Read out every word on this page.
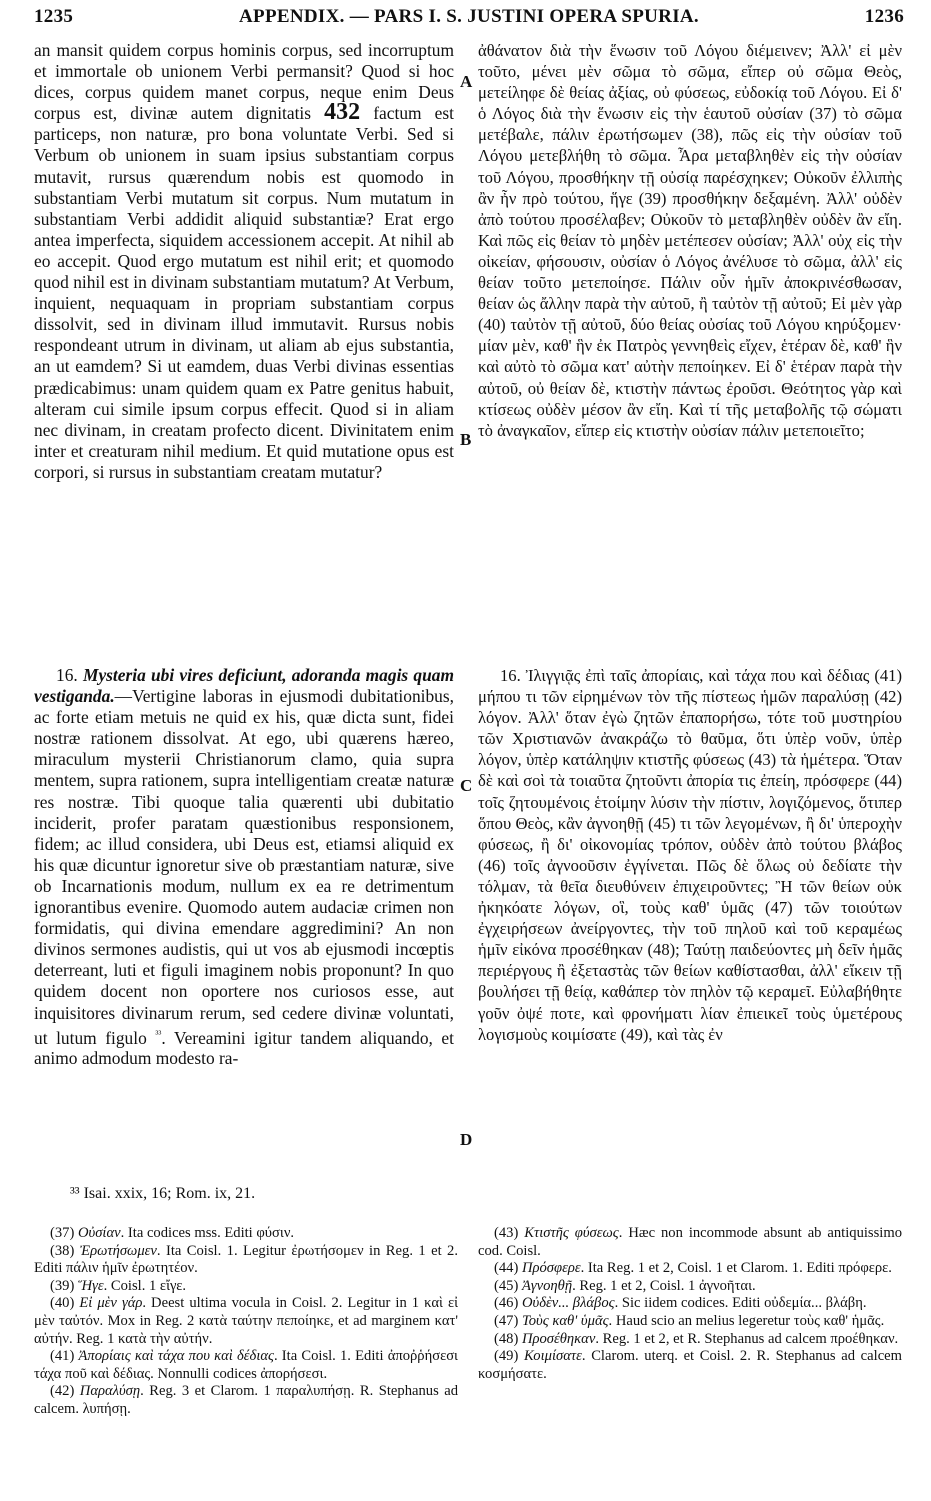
1235	APPENDIX. — PARS I. S. JUSTINI OPERA SPURIA.	1236

an mansit quidem corpus hominis corpus, sed incorruptum et immortale ob unionem Verbi permansit? Quod si hoc dices, corpus quidem manet corpus, neque enim Deus corpus est, divinæ autem dignitatis 432 factum est particeps, non naturæ, pro bona voluntate Verbi. Sed si Verbum ob unionem in suam ipsius substantiam corpus mutavit, rursus quærendum nobis est quomodo in substantiam Verbi mutatum sit corpus. Num mutatum in substantiam Verbi addidit aliquid substantiæ? Erat ergo antea imperfecta, siquidem accessionem accepit. At nihil ab eo accepit. Quod ergo mutatum est nihil erit; et quomodo quod nihil est in divinam substantiam mutatum? At Verbum, inquient, nequaquam in propriam substantiam corpus dissolvit, sed in divinam illud immutavit. Rursus nobis respondeant utrum in divinam, ut aliam ab ejus substantia, an ut eamdem? Si ut eamdem, duas Verbi divinas essentias prædicabimus: unam quidem quam ex Patre genitus habuit, alteram cui simile ipsum corpus effecit. Quod si in aliam nec divinam, in creatam profecto dicent. Divinitatem enim inter et creaturam nihil medium. Et quid mutatione opus est corpori, si rursus in substantiam creatam mutatur?

16. Mysteria ubi vires deficiunt, adoranda magis quam vestiganda.—Vertigine laboras in ejusmodi dubitationibus, ac forte etiam metuis ne quid ex his, quæ dicta sunt, fidei nostræ rationem dissolvat. At ego, ubi quærens hæreo, miraculum mysterii Christianorum clamo, quia supra mentem, supra rationem, supra intelligentiam creatæ naturæ res nostræ. Tibi quoque talia quærenti ubi dubitatio inciderit, profer paratam quæstionibus responsionem, fidem; ac illud considera, ubi Deus est, etiamsi aliquid ex his quæ dicuntur ignoretur sive ob præstantiam naturæ, sive ob Incarnationis modum, nullum ex ea re detrimentum ignorantibus evenire. Quomodo autem audaciæ crimen non formidatis, qui divina emendare aggredimini? An non divinos sermones audistis, qui ut vos ab ejusmodi incœptis deterreant, luti et figuli imaginem nobis proponunt? In quo quidem docent non oportere nos curiosos esse, aut inquisitores divinarum rerum, sed cedere divinæ voluntati, ut lutum figulo $^{^{33}}$. Vereamini igitur tandem aliquando, et animo admodum modesto ra-

A
B
C
D

ἀθάνατον διὰ τὴν ἕνωσιν τοῦ Λόγου διέμεινεν; Ἀλλ' εἰ μὲν τοῦτο, μένει μὲν σῶμα τὸ σῶμα, εἴπερ οὐ σῶμα Θεὸς, μετείληφε δὲ θείας ἀξίας, οὐ φύσεως, εὐδοκίᾳ τοῦ Λόγου. Εἰ δ' ὁ Λόγος διὰ τὴν ἕνωσιν εἰς τὴν ἑαυτοῦ οὐσίαν (37) τὸ σῶμα μετέβαλε, πάλιν ἐρωτήσωμεν (38), πῶς εἰς τὴν οὐσίαν τοῦ Λόγου μετεβλήθη τὸ σῶμα. Ἆρα μεταβληθὲν εἰς τὴν οὐσίαν τοῦ Λόγου, προσθήκην τῇ οὐσίᾳ παρέσχηκεν; Οὐκοῦν ἐλλιπὴς ἂν ἦν πρὸ τούτου, ἥγε (39) προσθήκην δεξαμένη. Ἀλλ' οὐδὲν ἀπὸ τούτου προσέλαβεν; Οὐκοῦν τὸ μεταβληθὲν οὐδὲν ἂν εἴη. Καὶ πῶς εἰς θείαν τὸ μηδὲν μετέπεσεν οὐσίαν; Ἀλλ' οὐχ εἰς τὴν οἰκείαν, φήσουσιν, οὐσίαν ὁ Λόγος ἀνέλυσε τὸ σῶμα, ἀλλ' εἰς θείαν τοῦτο μετεποίησε. Πάλιν οὖν ἡμῖν ἀποκρινέσθωσαν, θείαν ὡς ἄλλην παρὰ τὴν αὐτοῦ, ἢ ταὐτὸν τῇ αὐτοῦ; Εἰ μὲν γὰρ (40) ταὐτὸν τῇ αὐτοῦ, δύο θείας οὐσίας τοῦ Λόγου κηρύξομεν· μίαν μὲν, καθ' ἣν ἐκ Πατρὸς γεννηθεὶς εἴχεν, ἑτέραν δὲ, καθ' ἣν καὶ αὐτὸ τὸ σῶμα κατ' αὐτὴν πεποίηκεν. Εἰ δ' ἑτέραν παρὰ τὴν αὐτοῦ, οὐ θείαν δὲ, κτιστὴν πάντως ἐροῦσι. Θεότητος γὰρ καὶ κτίσεως οὐδὲν μέσον ἂν εἴη. Καὶ τί τῆς μεταβολῆς τῷ σώματι τὸ ἀναγκαῖον, εἴπερ εἰς κτιστὴν οὐσίαν πάλιν μετεποιεῖτο;

16. Ἰλιγγιᾷς ἐπὶ ταῖς ἀπορίαις, καὶ τάχα που καὶ δέδιας (41) μήπου τι τῶν εἰρημένων τὸν τῆς πίστεως ἡμῶν παραλύσῃ (42) λόγον. Ἀλλ' ὅταν ἐγὼ ζητῶν ἐπαπορήσω, τότε τοῦ μυστηρίου τῶν Χριστιανῶν ἀνακράζω τὸ θαῦμα, ὅτι ὑπὲρ νοῦν, ὑπὲρ λόγον, ὑπὲρ κατάληψιν κτιστῆς φύσεως (43) τὰ ἡμέτερα. Ὅταν δὲ καὶ σοὶ τὰ τοιαῦτα ζητοῦντι ἀπορία τις ἐπείη, πρόσφερε (44) τοῖς ζητουμένοις ἑτοίμην λύσιν τὴν πίστιν, λογιζόμενος, ὅτιπερ ὅπου Θεὸς, κἂν ἀγνοηθῇ (45) τι τῶν λεγομένων, ἢ δι' ὑπεροχὴν φύσεως, ἢ δι' οἰκονομίας τρόπον, οὐδὲν ἀπὸ τούτου βλάβος (46) τοῖς ἀγνοοῦσιν ἐγγίνεται. Πῶς δὲ ὅλως οὐ δεδίατε τὴν τόλμαν, τὰ θεῖα διευθύνειν ἐπιχειροῦντες; Ἢ τῶν θείων οὐκ ἠκηκόατε λόγων, οἳ, τοὺς καθ' ὑμᾶς (47) τῶν τοιούτων ἐγχειρήσεων ἀνείργοντες, τὴν τοῦ πηλοῦ καὶ τοῦ κεραμέως ἡμῖν εἰκόνα προσέθηκαν (48); Ταύτῃ παιδεύοντες μὴ δεῖν ἡμᾶς περιέργους ἢ ἐξεταστὰς τῶν θείων καθίστασθαι, ἀλλ' εἴκειν τῇ βουλήσει τῇ θείᾳ, καθάπερ τὸν πηλὸν τῷ κεραμεῖ. Εὐλαβήθητε γοῦν ὀψέ ποτε, καὶ φρονήματι λίαν ἐπιεικεῖ τοὺς ὑμετέρους λογισμοὺς κοιμίσατε (49), καὶ τὰς ἐν

³³ Isai. xxix, 16; Rom. ix, 21.

(37) Οὐσίαν. Ita codices mss. Editi φύσιν.

(38) Ἐρωτήσωμεν. Ita Coisl. 1. Legitur ἐρωτήσομεν in Reg. 1 et 2. Editi πάλιν ἡμῖν ἐρωτητέον.

(39) Ἥγε. Coisl. 1 εἴγε.

(40) Εἰ μὲν γάρ. Deest ultima vocula in Coisl. 2. Legitur in 1 καὶ εἰ μὲν ταὐτόν. Mox in Reg. 2 κατὰ ταύτην πεποίηκε, et ad marginem κατ' αὐτήν. Reg. 1 κατὰ τὴν αὐτήν.

(41) Ἀπορίαις καὶ τάχα που καὶ δέδιας. Ita Coisl. 1. Editi ἀποῤῥήσεσι τάχα ποῦ καὶ δέδιας. Nonnulli codices ἀπορήσεσι.

(42) Παραλύσῃ. Reg. 3 et Clarom. 1 παραλυπήσῃ. R. Stephanus ad calcem. λυπήσῃ.

(43) Κτιστῆς φύσεως. Hæc non incommode absunt ab antiquissimo cod. Coisl.

(44) Πρόσφερε. Ita Reg. 1 et 2, Coisl. 1 et Clarom. 1. Editi πρόφερε.

(45) Ἀγνοηθῇ. Reg. 1 et 2, Coisl. 1 ἀγνοῆται.

(46) Οὐδὲν... βλάβος. Sic iidem codices. Editi οὐδεμία... βλάβη.

(47) Τοὺς καθ' ὑμᾶς. Haud scio an melius legeretur τοὺς καθ' ἡμᾶς.

(48) Προσέθηκαν. Reg. 1 et 2, et R. Stephanus ad calcem προέθηκαν.

(49) Κοιμίσατε. Clarom. uterq. et Coisl. 2. R. Stephanus ad calcem κοσμήσατε.
